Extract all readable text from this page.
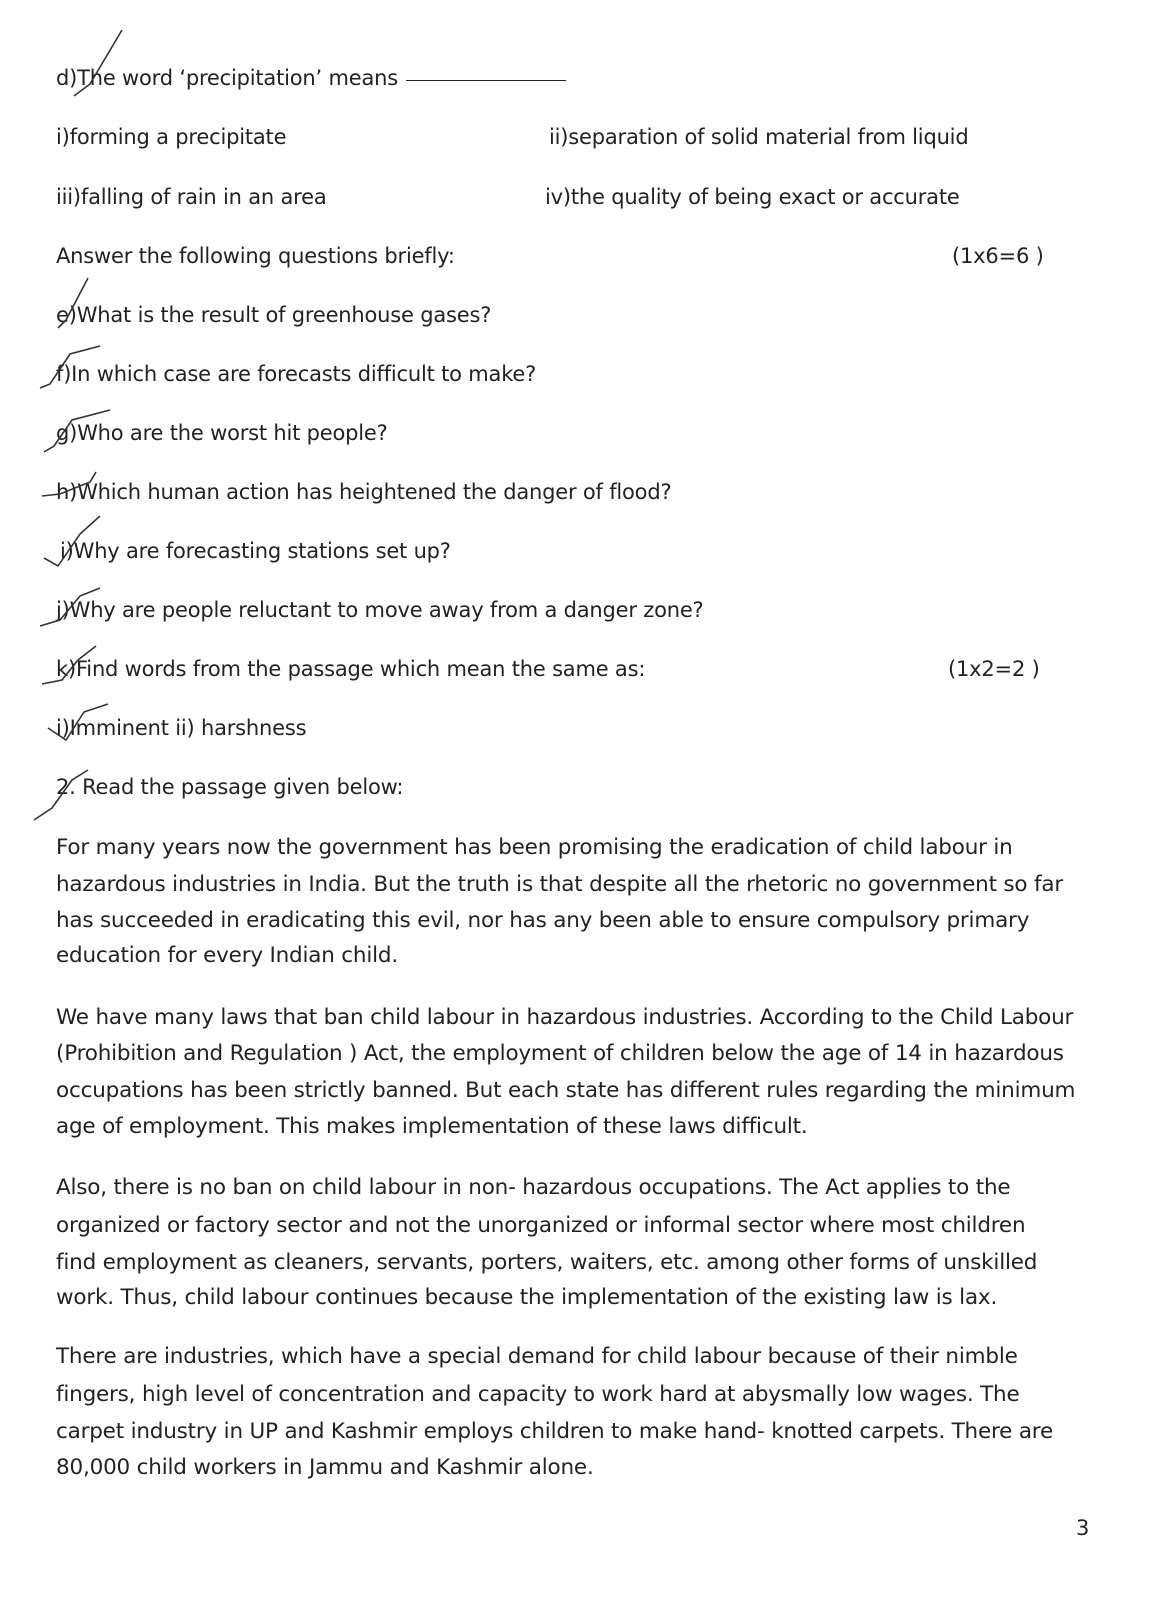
d)The word ‘precipitation’ means
i)forming a precipitate	ii)separation of solid material from liquid
iii)falling of rain in an area	iv)the quality of being exact or accurate
Answer the following questions briefly:	(1x6=6 )
e)What is the result of greenhouse gases?
f)In which case are forecasts difficult to make?
g)Who are the worst hit people?
h)Which human action has heightened the danger of flood?
i)Why are forecasting stations set up?
j)Why are people reluctant to move away from a danger zone?
k)Find words from the passage which mean the same as:	(1x2=2 )
i)Imminent ii) harshness
2. Read the passage given below:
For many years now the government has been promising the eradication of child labour in
hazardous industries in India. But the truth is that despite all the rhetoric no government so far
has succeeded in eradicating this evil, nor has any been able to ensure compulsory primary
education for every Indian child.
We have many laws that ban child labour in hazardous industries. According to the Child Labour
(Prohibition and Regulation ) Act, the employment of children below the age of 14 in hazardous
occupations has been strictly banned. But each state has different rules regarding the minimum
age of employment. This makes implementation of these laws difficult.
Also, there is no ban on child labour in non- hazardous occupations. The Act applies to the
organized or factory sector and not the unorganized or informal sector where most children
find employment as cleaners, servants, porters, waiters, etc. among other forms of unskilled
work. Thus, child labour continues because the implementation of the existing law is lax.
There are industries, which have a special demand for child labour because of their nimble
fingers, high level of concentration and capacity to work hard at abysmally low wages. The
carpet industry in UP and Kashmir employs children to make hand- knotted carpets. There are
80,000 child workers in Jammu and Kashmir alone.
3
